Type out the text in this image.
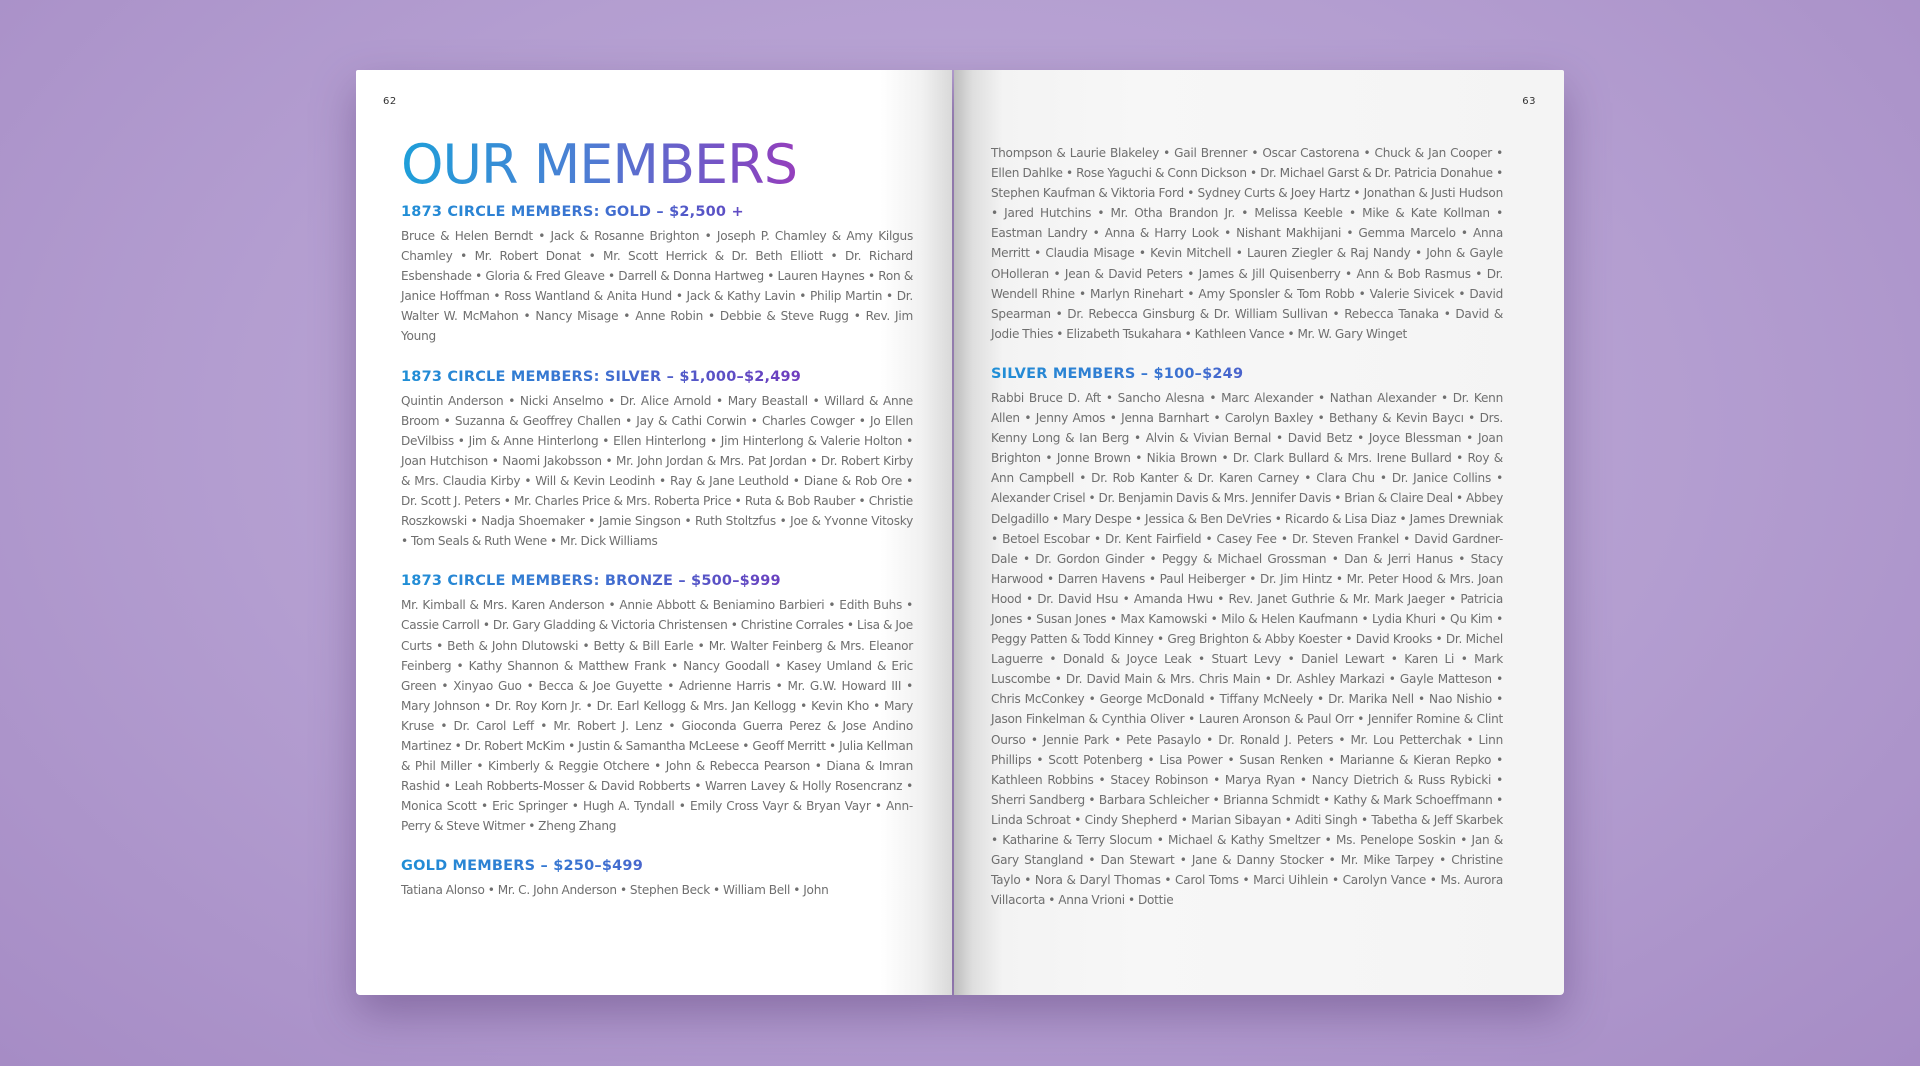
62
OUR MEMBERS
1873 CIRCLE MEMBERS: GOLD – $2,500 +

Bruce & Helen Berndt • Jack & Rosanne Brighton • Joseph P. Chamley & Amy Kilgus Chamley • Mr. Robert Donat • Mr. Scott Herrick & Dr. Beth Elliott • Dr. Richard Esbenshade • Gloria & Fred Gleave • Darrell & Donna Hartweg • Lauren Haynes • Ron & Janice Hoffman • Ross Wantland & Anita Hund • Jack & Kathy Lavin • Philip Martin • Dr. Walter W. McMahon • Nancy Misage • Anne Robin • Debbie & Steve Rugg • Rev. Jim Young

1873 CIRCLE MEMBERS: SILVER – $1,000–$2,499

Quintin Anderson • Nicki Anselmo • Dr. Alice Arnold • Mary Beastall • Willard & Anne Broom • Suzanna & Geoffrey Challen • Jay & Cathi Corwin • Charles Cowger • Jo Ellen DeVilbiss • Jim & Anne Hinterlong • Ellen Hinterlong • Jim Hinterlong & Valerie Holton • Joan Hutchison • Naomi Jakobsson • Mr. John Jordan & Mrs. Pat Jordan • Dr. Robert Kirby & Mrs. Claudia Kirby • Will & Kevin Leodinh • Ray & Jane Leuthold • Diane & Rob Ore • Dr. Scott J. Peters • Mr. Charles Price & Mrs. Roberta Price • Ruta & Bob Rauber • Christie Roszkowski • Nadja Shoemaker • Jamie Singson • Ruth Stoltzfus • Joe & Yvonne Vitosky • Tom Seals & Ruth Wene • Mr. Dick Williams

1873 CIRCLE MEMBERS: BRONZE – $500–$999

Mr. Kimball & Mrs. Karen Anderson • Annie Abbott & Beniamino Barbieri • Edith Buhs • Cassie Carroll • Dr. Gary Gladding & Victoria Christensen • Christine Corrales • Lisa & Joe Curts • Beth & John Dlutowski • Betty & Bill Earle • Mr. Walter Feinberg & Mrs. Eleanor Feinberg • Kathy Shannon & Matthew Frank • Nancy Goodall • Kasey Umland & Eric Green • Xinyao Guo • Becca & Joe Guyette • Adrienne Harris • Mr. G.W. Howard III • Mary Johnson • Dr. Roy Korn Jr. • Dr. Earl Kellogg & Mrs. Jan Kellogg • Kevin Kho • Mary Kruse • Dr. Carol Leff • Mr. Robert J. Lenz • Gioconda Guerra Perez & Jose Andino Martinez • Dr. Robert McKim • Justin & Samantha McLeese • Geoff Merritt • Julia Kellman & Phil Miller • Kimberly & Reggie Otchere • John & Rebecca Pearson • Diana & Imran Rashid • Leah Robberts-Mosser & David Robberts • Warren Lavey & Holly Rosencranz • Monica Scott • Eric Springer • Hugh A. Tyndall • Emily Cross Vayr & Bryan Vayr • Ann-Perry & Steve Witmer • Zheng Zhang

GOLD MEMBERS – $250–$499

Tatiana Alonso • Mr. C. John Anderson • Stephen Beck • William Bell • John

63

Thompson & Laurie Blakeley • Gail Brenner • Oscar Castorena • Chuck & Jan Cooper • Ellen Dahlke • Rose Yaguchi & Conn Dickson • Dr. Michael Garst & Dr. Patricia Donahue • Stephen Kaufman & Viktoria Ford • Sydney Curts & Joey Hartz • Jonathan & Justi Hudson • Jared Hutchins • Mr. Otha Brandon Jr. • Melissa Keeble • Mike & Kate Kollman • Eastman Landry • Anna & Harry Look • Nishant Makhijani • Gemma Marcelo • Anna Merritt • Claudia Misage • Kevin Mitchell • Lauren Ziegler & Raj Nandy • John & Gayle OHolleran • Jean & David Peters • James & Jill Quisenberry • Ann & Bob Rasmus • Dr. Wendell Rhine • Marlyn Rinehart • Amy Sponsler & Tom Robb • Valerie Sivicek • David Spearman • Dr. Rebecca Ginsburg & Dr. William Sullivan • Rebecca Tanaka • David & Jodie Thies • Elizabeth Tsukahara • Kathleen Vance • Mr. W. Gary Winget

SILVER MEMBERS – $100–$249

Rabbi Bruce D. Aft • Sancho Alesna • Marc Alexander • Nathan Alexander • Dr. Kenn Allen • Jenny Amos • Jenna Barnhart • Carolyn Baxley • Bethany & Kevin Baycı • Drs. Kenny Long & Ian Berg • Alvin & Vivian Bernal • David Betz • Joyce Blessman • Joan Brighton • Jonne Brown • Nikia Brown • Dr. Clark Bullard & Mrs. Irene Bullard • Roy & Ann Campbell • Dr. Rob Kanter & Dr. Karen Carney • Clara Chu • Dr. Janice Collins • Alexander Crisel • Dr. Benjamin Davis & Mrs. Jennifer Davis • Brian & Claire Deal • Abbey Delgadillo • Mary Despe • Jessica & Ben DeVries • Ricardo & Lisa Diaz • James Drewniak • Betoel Escobar • Dr. Kent Fairfield • Casey Fee • Dr. Steven Frankel • David Gardner-Dale • Dr. Gordon Ginder • Peggy & Michael Grossman • Dan & Jerri Hanus • Stacy Harwood • Darren Havens • Paul Heiberger • Dr. Jim Hintz • Mr. Peter Hood & Mrs. Joan Hood • Dr. David Hsu • Amanda Hwu • Rev. Janet Guthrie & Mr. Mark Jaeger • Patricia Jones • Susan Jones • Max Kamowski • Milo & Helen Kaufmann • Lydia Khuri • Qu Kim • Peggy Patten & Todd Kinney • Greg Brighton & Abby Koester • David Krooks • Dr. Michel Laguerre • Donald & Joyce Leak • Stuart Levy • Daniel Lewart • Karen Li • Mark Luscombe • Dr. David Main & Mrs. Chris Main • Dr. Ashley Markazi • Gayle Matteson • Chris McConkey • George McDonald • Tiffany McNeely • Dr. Marika Nell • Nao Nishio • Jason Finkelman & Cynthia Oliver • Lauren Aronson & Paul Orr • Jennifer Romine & Clint Ourso • Jennie Park • Pete Pasaylo • Dr. Ronald J. Peters • Mr. Lou Petterchak • Linn Phillips • Scott Potenberg • Lisa Power • Susan Renken • Marianne & Kieran Repko • Kathleen Robbins • Stacey Robinson • Marya Ryan • Nancy Dietrich & Russ Rybicki • Sherri Sandberg • Barbara Schleicher • Brianna Schmidt • Kathy & Mark Schoeffmann • Linda Schroat • Cindy Shepherd • Marian Sibayan • Aditi Singh • Tabetha & Jeff Skarbek • Katharine & Terry Slocum • Michael & Kathy Smeltzer • Ms. Penelope Soskin • Jan & Gary Stangland • Dan Stewart • Jane & Danny Stocker • Mr. Mike Tarpey • Christine Taylo • Nora & Daryl Thomas • Carol Toms • Marci Uihlein • Carolyn Vance • Ms. Aurora Villacorta • Anna Vrioni • Dottie
